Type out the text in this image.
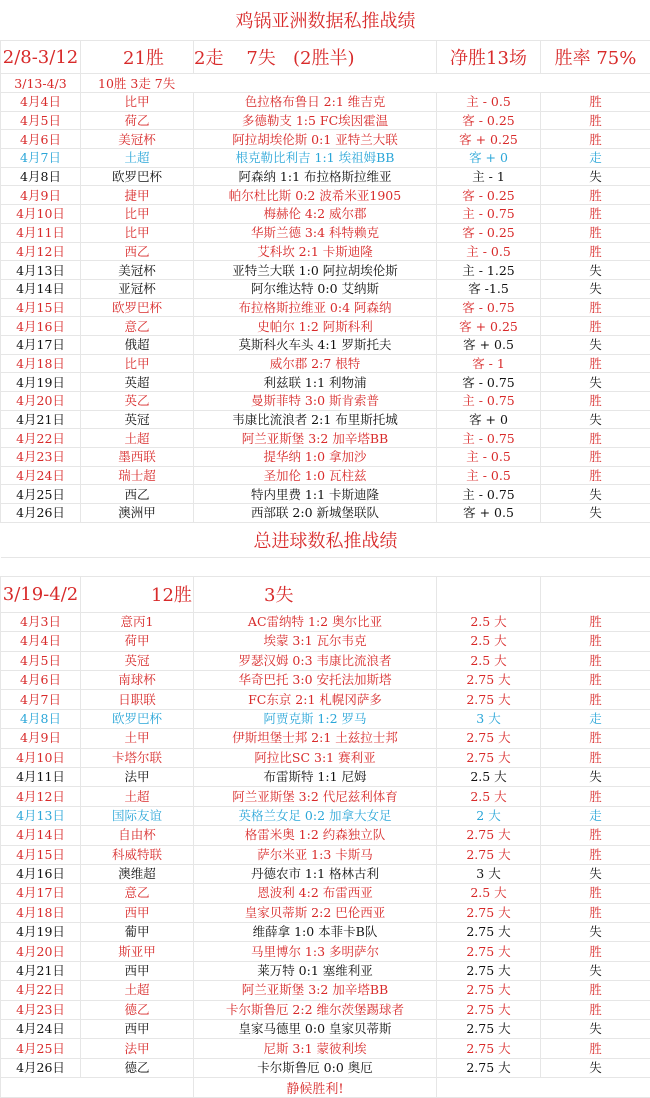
鸡锅亚洲数据私推战绩				
2/8-3/12	21胜	2走 7失 (2胜半)	净胜13场	胜率 75%
3/13-4/3	10胜 3走 7失			
4月4日	比甲	色拉格布鲁日 2:1 维吉克	主 - 0.5	胜
4月5日	荷乙	多德勒支 1:5 FC埃因霍温	客 - 0.25	胜
4月6日	美冠杯	阿拉胡埃伦斯 0:1 亚特兰大联	客 + 0.25	胜
4月7日	土超	根克勒比利吉 1:1 埃祖姆BB	客 + 0	走
4月8日	欧罗巴杯	阿森纳 1:1 布拉格斯拉维亚	主 - 1	失
4月9日	捷甲	帕尔杜比斯 0:2 波希米亚1905	客 - 0.25	胜
4月10日	比甲	梅赫伦 4:2 威尔郡	主 - 0.75	胜
4月11日	比甲	华斯兰德 3:4 科特赖克	客 - 0.25	胜
4月12日	西乙	艾科坎 2:1 卡斯迪隆	主 - 0.5	胜
4月13日	美冠杯	亚特兰大联 1:0 阿拉胡埃伦斯	主 - 1.25	失
4月14日	亚冠杯	阿尔维达特 0:0 艾纳斯	客 -1.5	失
4月15日	欧罗巴杯	布拉格斯拉维亚 0:4 阿森纳	客 - 0.75	胜
4月16日	意乙	史帕尔 1:2 阿斯科利	客 + 0.25	胜
4月17日	俄超	莫斯科火车头 4:1 罗斯托夫	客 + 0.5	失
4月18日	比甲	威尔郡 2:7 根特	客 - 1	胜
4月19日	英超	利兹联 1:1 利物浦	客 - 0.75	失
4月20日	英乙	曼斯菲特 3:0 斯肯索普	主 - 0.75	胜
4月21日	英冠	韦康比流浪者 2:1 布里斯托城	客 + 0	失
4月22日	土超	阿兰亚斯堡 3:2 加辛塔BB	主 - 0.75	胜
4月23日	墨西联	提华纳 1:0 拿加沙	主 - 0.5	胜
4月24日	瑞士超	圣加伦 1:0 瓦柱兹	主 - 0.5	胜
4月25日	西乙	特内里费 1:1 卡斯迪隆	主 - 0.75	失
4月26日	澳洲甲	西部联 2:0 新城堡联队	客 + 0.5	失
总进球数私推战绩				

3/19-4/2	12胜	3失		
4月3日	意丙1	AC雷纳特 1:2 奥尔比亚	2.5 大	胜
4月4日	荷甲	埃蒙 3:1 瓦尔韦克	2.5 大	胜
4月5日	英冠	罗瑟汉姆 0:3 韦康比流浪者	2.5 大	胜
4月6日	南球杯	华奇巴托 3:0 安托法加斯塔	2.75 大	胜
4月7日	日职联	FC东京 2:1 札幌冈萨多	2.75 大	胜
4月8日	欧罗巴杯	阿贾克斯 1:2 罗马	3 大	走
4月9日	土甲	伊斯坦堡士邦 2:1 土兹拉士邦	2.75 大	胜
4月10日	卡塔尔联	阿拉比SC 3:1 赛利亚	2.75 大	胜
4月11日	法甲	布雷斯特 1:1 尼姆	2.5 大	失
4月12日	土超	阿兰亚斯堡 3:2 代尼兹利体育	2.5 大	胜
4月13日	国际友谊	英格兰女足 0:2 加拿大女足	2 大	走
4月14日	自由杯	格雷米奥 1:2 约森独立队	2.75 大	胜
4月15日	科威特联	萨尔米亚 1:3 卡斯马	2.75 大	胜
4月16日	澳维超	丹德农市 1:1 格林古利	3 大	失
4月17日	意乙	恩波利 4:2 布雷西亚	2.5 大	胜
4月18日	西甲	皇家贝蒂斯 2:2 巴伦西亚	2.75 大	胜
4月19日	葡甲	维薛拿 1:0 本菲卡B队	2.75 大	失
4月20日	斯亚甲	马里博尔 1:3 多明萨尔	2.75 大	胜
4月21日	西甲	莱万特 0:1 塞维利亚	2.75 大	失
4月22日	土超	阿兰亚斯堡 3:2 加辛塔BB	2.75 大	胜
4月23日	德乙	卡尔斯鲁厄 2:2 维尔茨堡踢球者	2.75 大	胜
4月24日	西甲	皇家马德里 0:0 皇家贝蒂斯	2.75 大	失
4月25日	法甲	尼斯 3:1 蒙彼利埃	2.75 大	胜
4月26日	德乙	卡尔斯鲁厄 0:0 奥厄	2.75 大	失
		静候胜利!		
